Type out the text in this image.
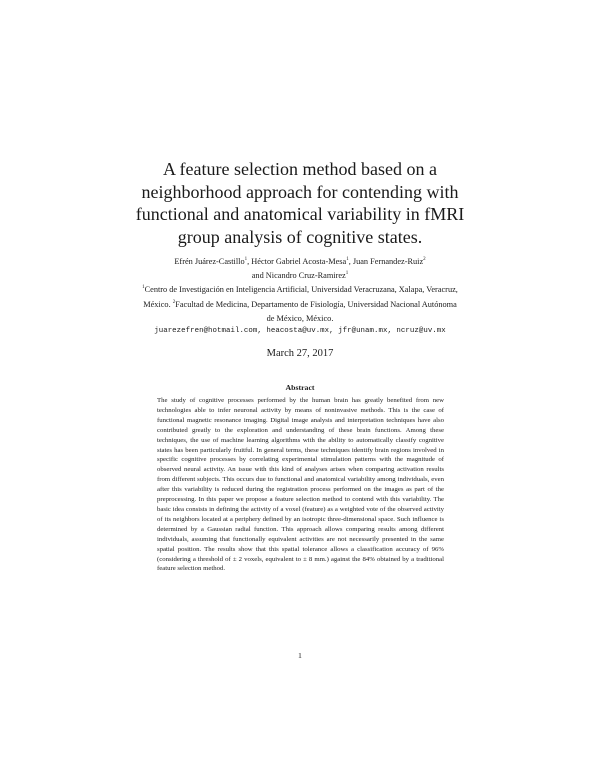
A feature selection method based on a neighborhood approach for contending with functional and anatomical variability in fMRI group analysis of cognitive states.
Efrén Juárez-Castillo$^1$, Héctor Gabriel Acosta-Mesa$^1$, Juan Fernandez-Ruiz$^2$
and Nicandro Cruz-Ramirez$^1$
$^1$Centro de Investigación en Inteligencia Artificial, Universidad Veracruzana, Xalapa, Veracruz, México. $^2$Facultad de Medicina, Departamento de Fisiología, Universidad Nacional Autónoma de México, México.
juarezefren@hotmail.com, heacosta@uv.mx, jfr@unam.mx, ncruz@uv.mx
March 27, 2017
Abstract

The study of cognitive processes performed by the human brain has greatly benefited from new technologies able to infer neuronal activity by means of noninvasive methods. This is the case of functional magnetic resonance imaging. Digital image analysis and interpretation techniques have also contributed greatly to the exploration and understanding of these brain functions. Among these techniques, the use of machine learning algorithms with the ability to automatically classify cognitive states has been particularly fruitful. In general terms, these techniques identify brain regions involved in specific cognitive processes by correlating experimental stimulation patterns with the magnitude of observed neural activity. An issue with this kind of analyses arises when comparing activation results from different subjects. This occurs due to functional and anatomical variability among individuals, even after this variability is reduced during the registration process performed on the images as part of the preprocessing. In this paper we propose a feature selection method to contend with this variability. The basic idea consists in defining the activity of a voxel (feature) as a weighted vote of the observed activity of its neighbors located at a periphery defined by an isotropic three-dimensional space. Such influence is determined by a Gaussian radial function. This approach allows comparing results among different individuals, assuming that functionally equivalent activities are not necessarily presented in the same spatial position. The results show that this spatial tolerance allows a classification accuracy of 96% (considering a threshold of ± 2 voxels, equivalent to ± 8 mm.) against the 84% obtained by a traditional feature selection method.

1
